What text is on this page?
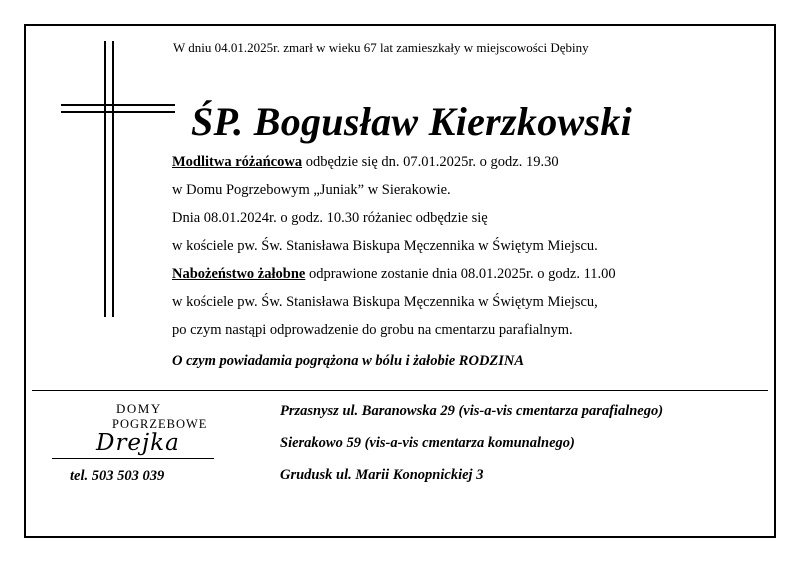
W dniu 04.01.2025r. zmarł w wieku 67 lat zamieszkały w miejscowości Dębiny
ŚP. Bogusław Kierzkowski
Modlitwa różańcowa odbędzie się dn. 07.01.2025r. o godz. 19.30
w Domu Pogrzebowym „Juniak” w Sierakowie.
Dnia 08.01.2024r. o godz. 10.30 różaniec odbędzie się
w kościele pw. Św. Stanisława Biskupa Męczennika w Świętym Miejscu.
Nabożeństwo żałobne odprawione zostanie dnia 08.01.2025r. o godz. 11.00
w kościele pw. Św. Stanisława Biskupa Męczennika w Świętym Miejscu,
po czym nastąpi odprowadzenie do grobu na cmentarzu parafialnym.
O czym powiadamia pogrążona w bólu i żałobie RODZINA
DOMY
POGRZEBOWE
Drejka
tel. 503 503 039
Przasnysz ul. Baranowska 29 (vis-a-vis cmentarza parafialnego)
Sierakowo 59 (vis-a-vis cmentarza komunalnego)
Grudusk ul. Marii Konopnickiej 3
